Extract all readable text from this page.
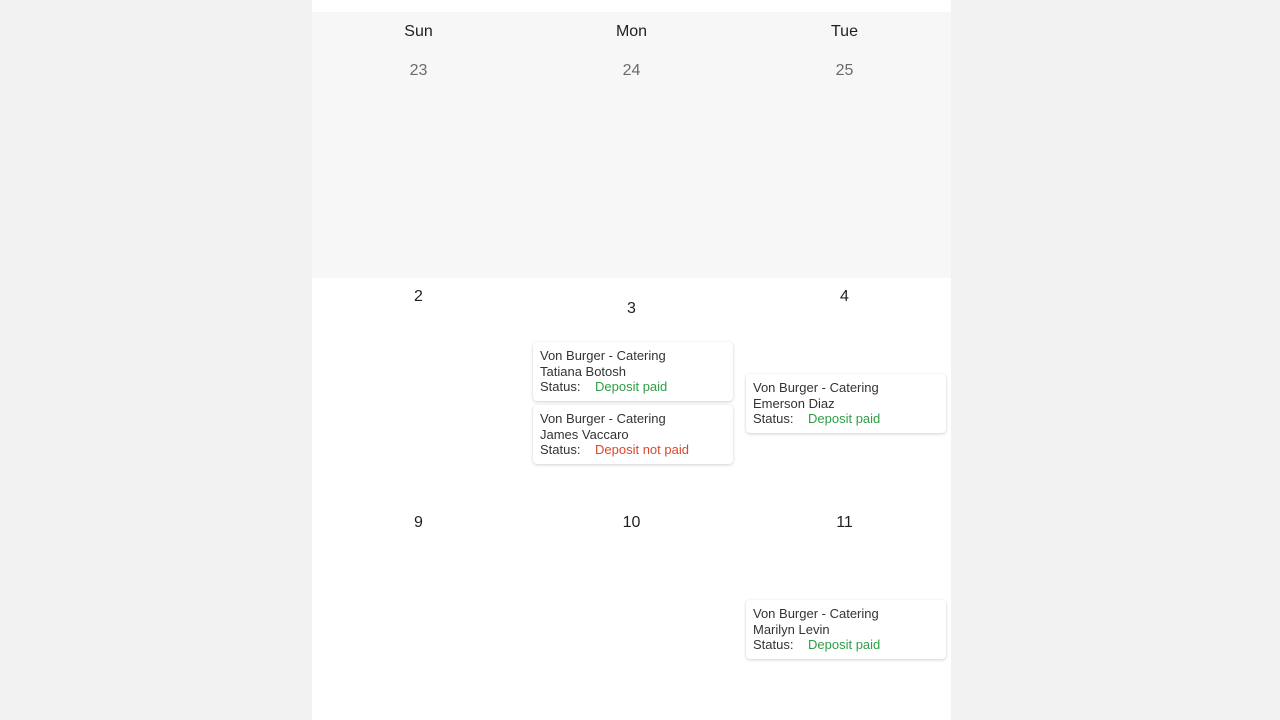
Sun
23
Mon
24
Tue
25
2
3
Von Burger - Catering
Tatiana Botosh
Status: Deposit paid
Von Burger - Catering
James Vaccaro
Status: Deposit not paid
4
Von Burger - Catering
Emerson Diaz
Status: Deposit paid
9	10	11
Von Burger - Catering
Marilyn Levin
Status: Deposit paid
